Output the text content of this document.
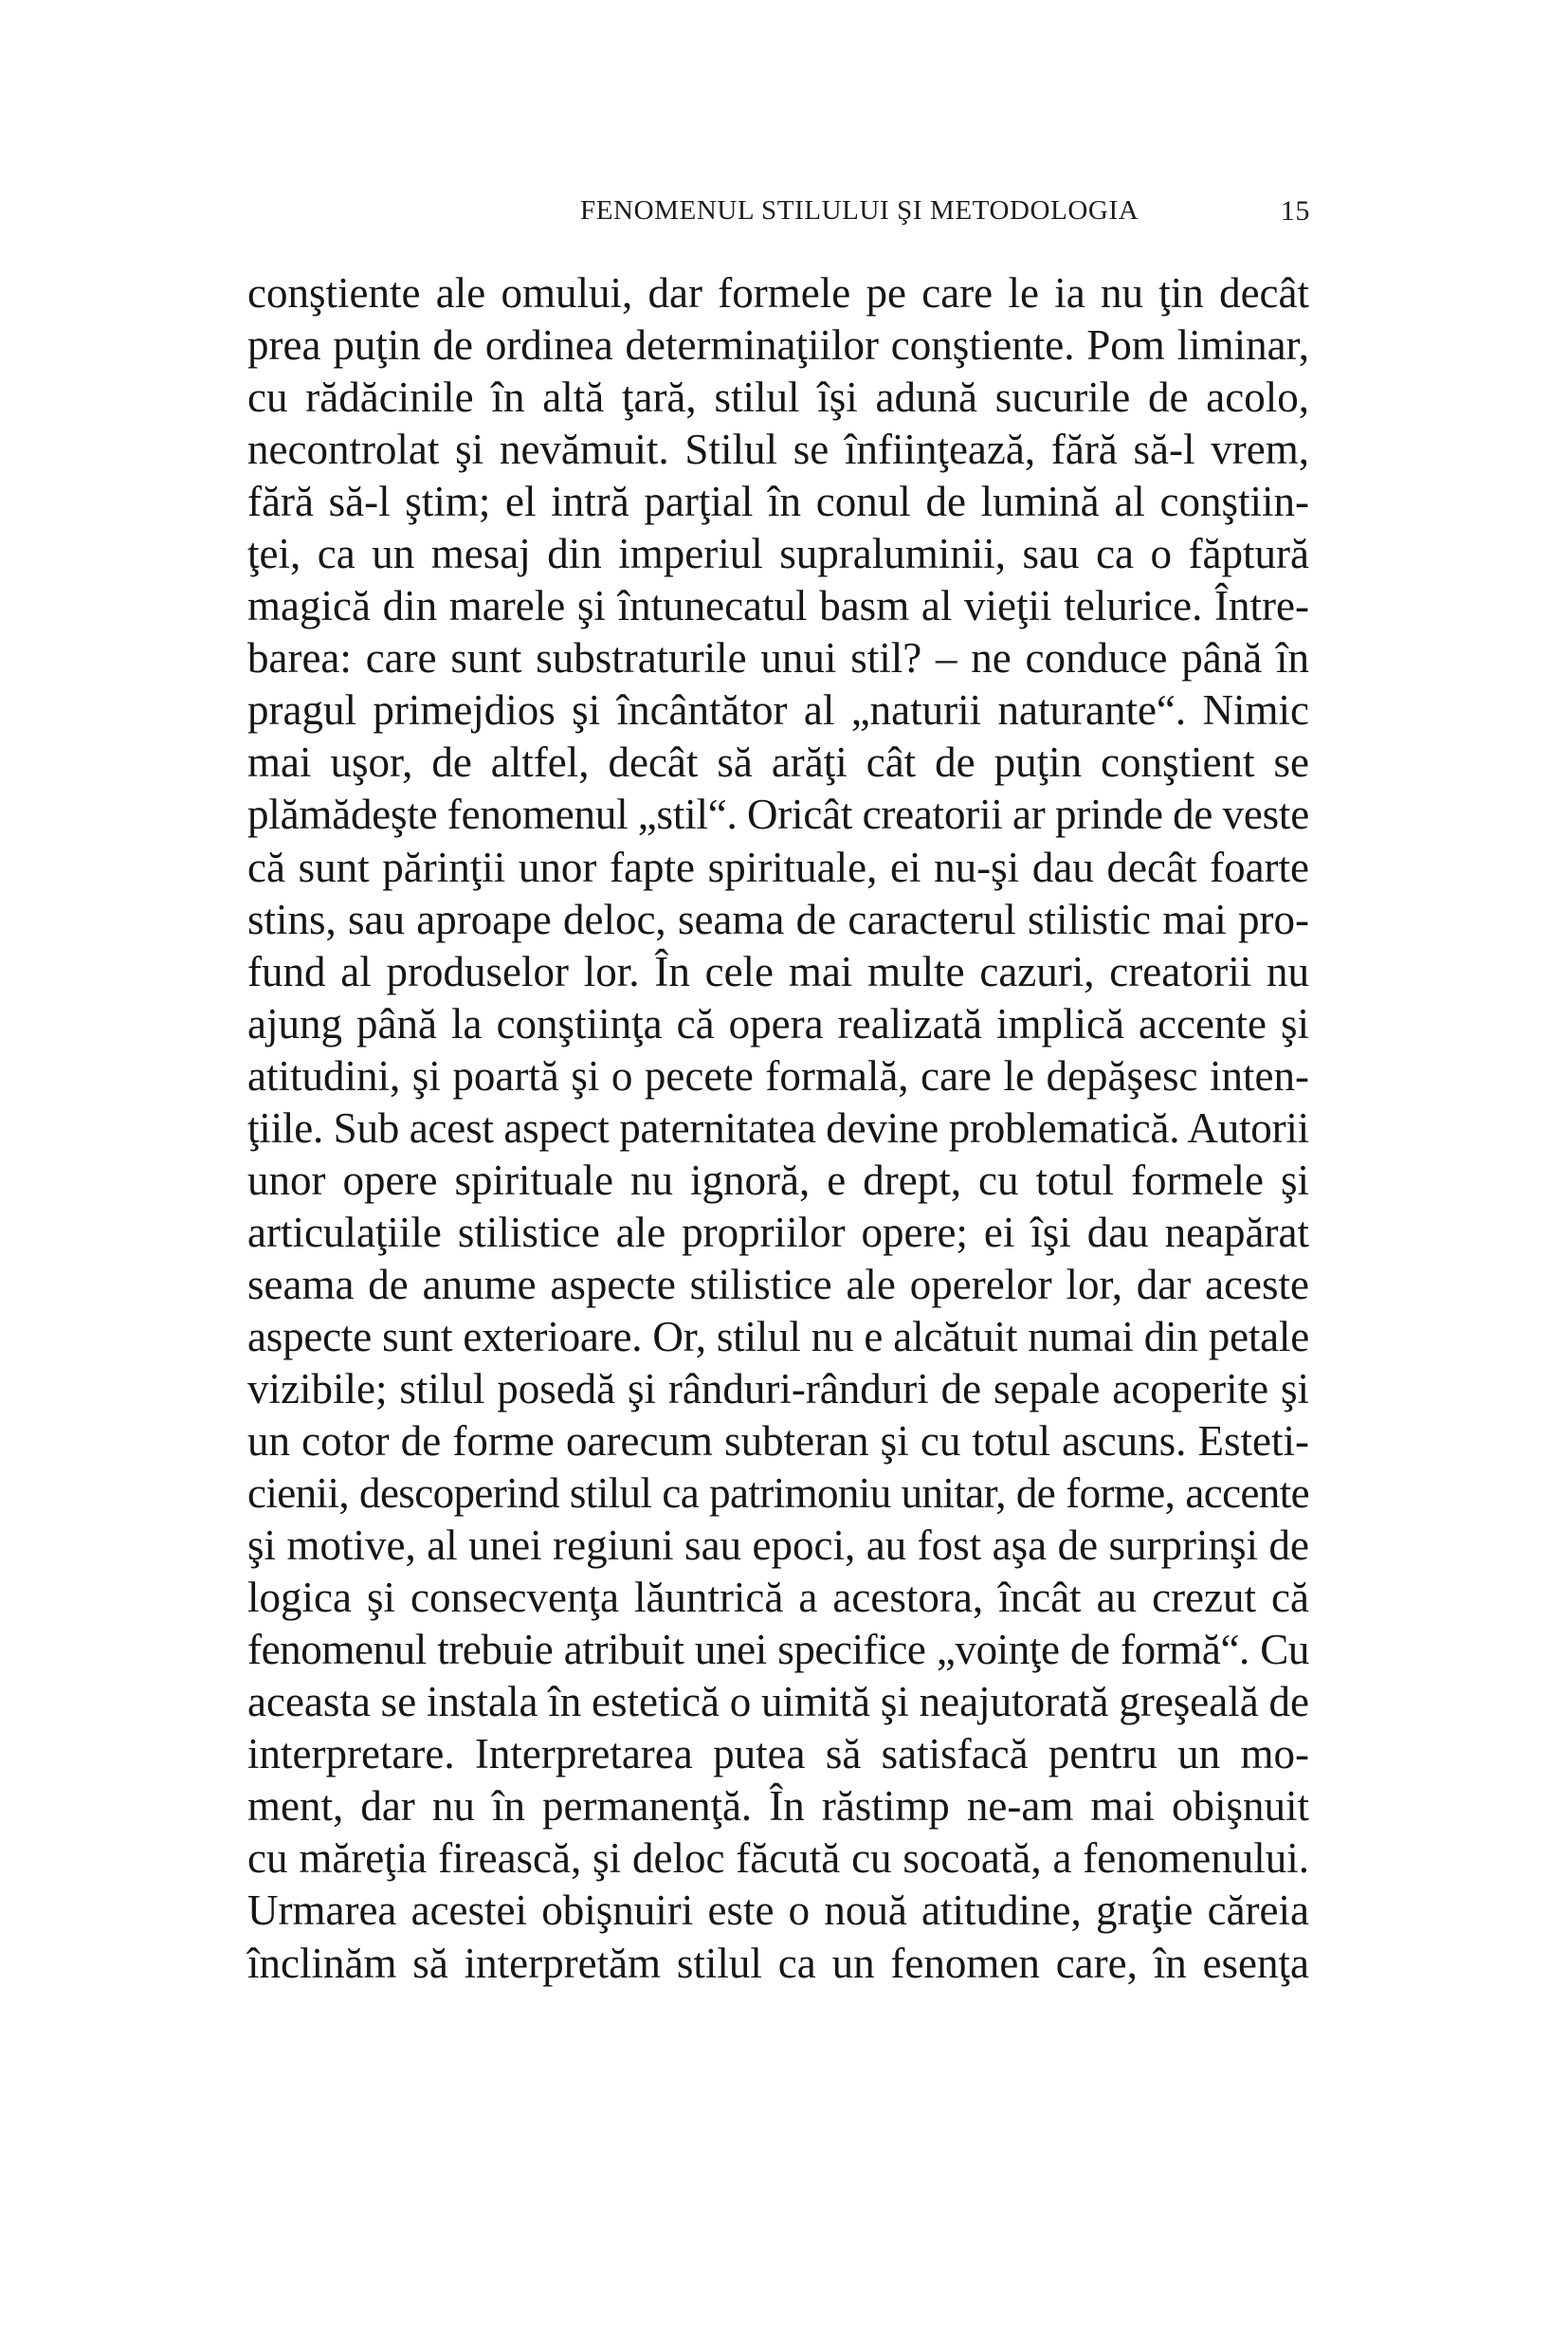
FENOMENUL STILULUI ŞI METODOLOGIA	15
conştiente ale omului, dar formele pe care le ia nu ţin decât
prea puţin de ordinea determinaţiilor conştiente. Pom liminar,
cu rădăcinile în altă ţară, stilul îşi adună sucurile de acolo,
necontrolat şi nevămuit. Stilul se înfiinţează, fără să-l vrem,
fără să-l ştim; el intră parţial în conul de lumină al conştiin-
ţei, ca un mesaj din imperiul supraluminii, sau ca o făptură
magică din marele şi întunecatul basm al vieţii telurice. Între-
barea: care sunt substraturile unui stil? – ne conduce până în
pragul primejdios şi încântător al „naturii naturante“. Nimic
mai uşor, de altfel, decât să arăţi cât de puţin conştient se
plămădeşte fenomenul „stil“. Oricât creatorii ar prinde de veste
că sunt părinţii unor fapte spirituale, ei nu-şi dau decât foarte
stins, sau aproape deloc, seama de caracterul stilistic mai pro-
fund al produselor lor. În cele mai multe cazuri, creatorii nu
ajung până la conştiinţa că opera realizată implică accente şi
atitudini, şi poartă şi o pecete formală, care le depăşesc inten-
ţiile. Sub acest aspect paternitatea devine problematică. Autorii
unor opere spirituale nu ignoră, e drept, cu totul formele şi
articulaţiile stilistice ale propriilor opere; ei îşi dau neapărat
seama de anume aspecte stilistice ale operelor lor, dar aceste
aspecte sunt exterioare. Or, stilul nu e alcătuit numai din petale
vizibile; stilul posedă şi rânduri-rânduri de sepale acoperite şi
un cotor de forme oarecum subteran şi cu totul ascuns. Esteti-
cienii, descoperind stilul ca patrimoniu unitar, de forme, accente
şi motive, al unei regiuni sau epoci, au fost aşa de surprinşi de
logica şi consecvenţa lăuntrică a acestora, încât au crezut că
fenomenul trebuie atribuit unei specifice „voinţe de formă“. Cu
aceasta se instala în estetică o uimită şi neajutorată greşeală de
interpretare. Interpretarea putea să satisfacă pentru un mo-
ment, dar nu în permanenţă. În răstimp ne-am mai obişnuit
cu măreţia firească, şi deloc făcută cu socoată, a fenomenului.
Urmarea acestei obişnuiri este o nouă atitudine, graţie căreia
înclinăm să interpretăm stilul ca un fenomen care, în esenţa
